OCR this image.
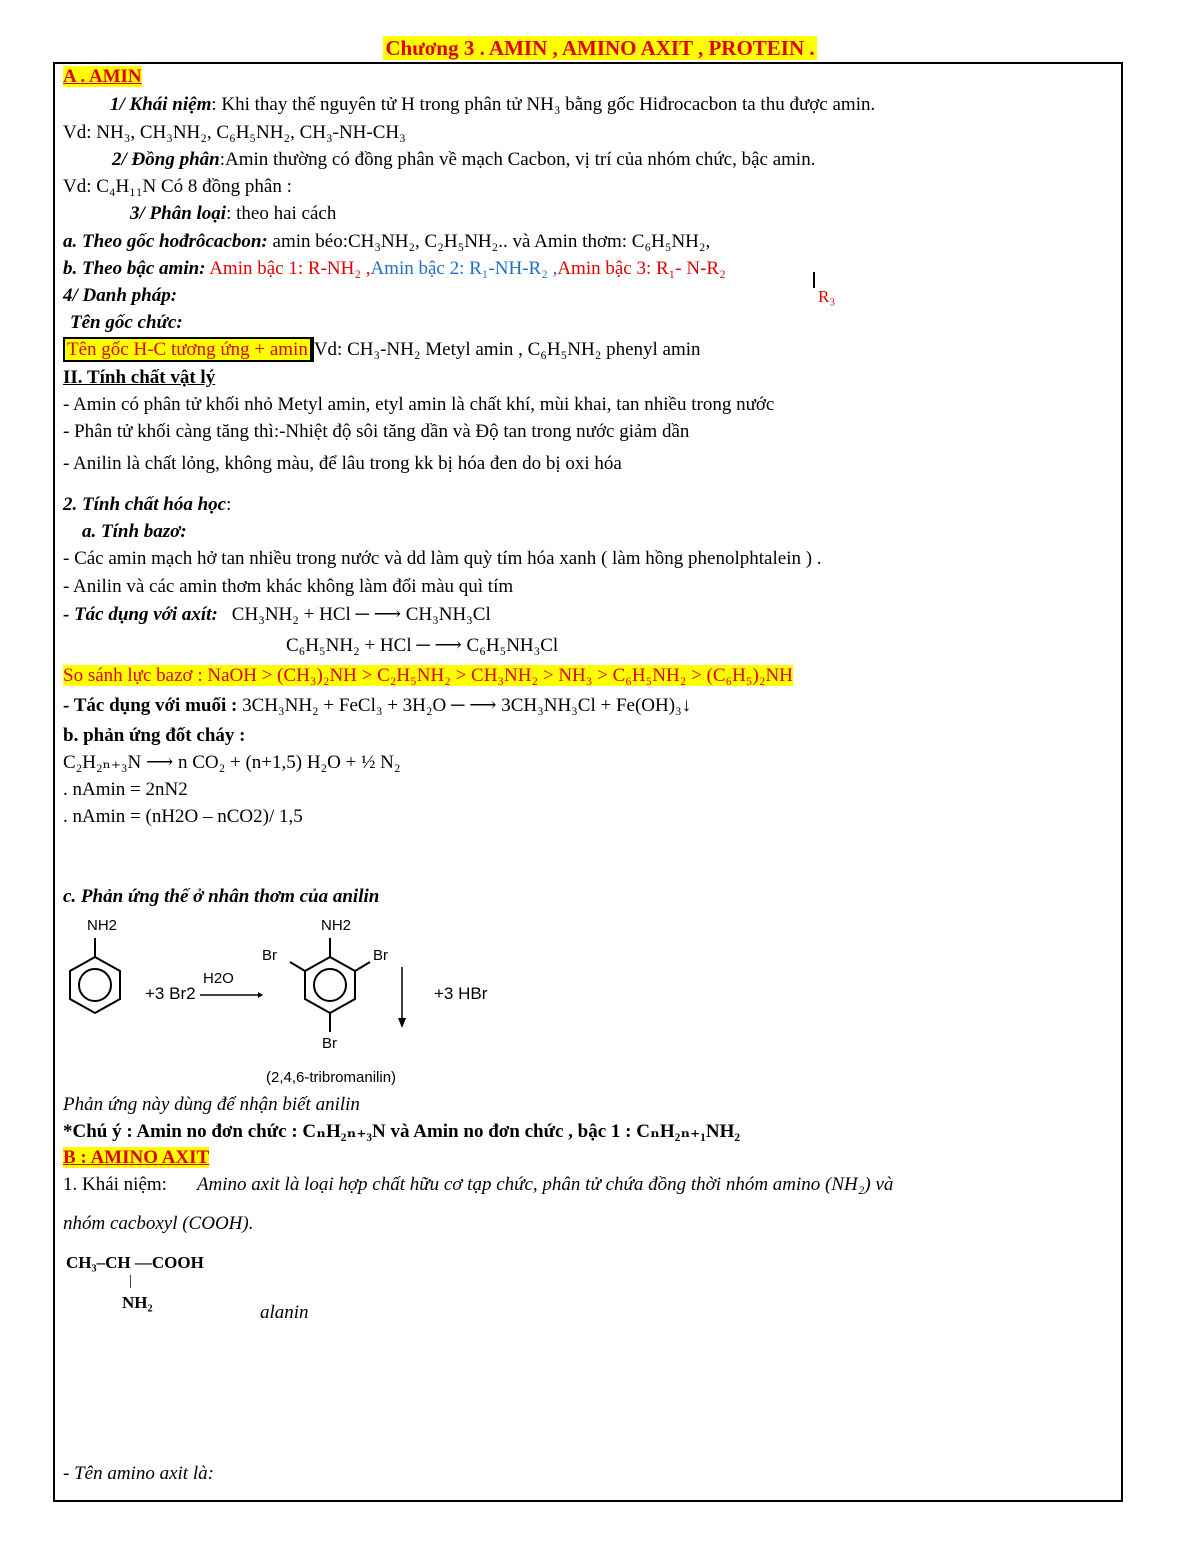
Chương 3 . AMIN , AMINO AXIT , PROTEIN .
A . AMIN
1/ Khái niệm: Khi thay thế nguyên tử H trong phân tử NH₃ bằng gốc Hiđrocacbon ta thu được amin.
Vd: NH₃, CH₃NH₂, C₆H₅NH₂, CH₃-NH-CH₃
2/ Đồng phân:Amin thường có đồng phân về mạch Cacbon, vị trí của nhóm chức, bậc amin.
Vd: C₄H₁₁N Có 8 đồng phân :
3/ Phân loại: theo hai cách
a. Theo gốc hođrôcacbon: amin béo:CH₃NH₂, C₂H₅NH₂.. và Amin thơm: C₆H₅NH₂,
b. Theo bậc amin: Amin bậc 1: R-NH₂ ,Amin bậc 2: R₁-NH-R₂ ,Amin bậc 3: R₁- N-R₂
R₃
4/ Danh pháp:
Tên gốc chức:
Tên gốc H-C tương ứng + amin Vd: CH₃-NH₂ Metyl amin , C₆H₅NH₂ phenyl amin
II. Tính chất vật lý
- Amin có phân tử khối nhỏ Metyl amin, etyl amin là chất khí, mùi khai, tan nhiều trong nước
- Phân tử khối càng tăng thì:-Nhiệt độ sôi tăng dần và Độ tan trong nước giảm dần
- Anilin là chất lỏng, không màu, để lâu trong kk bị hóa đen do bị oxi hóa
2. Tính chất hóa học:
a. Tính bazơ:
- Các amin mạch hở tan nhiều trong nước và dd làm quỳ tím hóa xanh ( làm hồng phenolphtalein ) .
- Anilin và các amin thơm khác không làm đổi màu quì tím
- Tác dụng với axít: CH₃NH₂ + HCl ─ ⟶ CH₃NH₃Cl
C₆H₅NH₂ + HCl ─ ⟶ C₆H₅NH₃Cl
So sánh lực bazơ : NaOH > (CH₃)₂NH > C₂H₅NH₂ > CH₃NH₂ > NH₃ > C₆H₅NH₂ > (C₆H₅)₂NH
- Tác dụng với muối : 3CH₃NH₂ + FeCl₃ + 3H₂O ─ ⟶ 3CH₃NH₃Cl + Fe(OH)₃↓
b. phản ứng đốt cháy :
C₂H₂ₙ₊₃N ⟶ n CO₂ + (n+1,5) H₂O + ½ N₂
. nAmin = 2nN2
. nAmin = (nH2O – nCO2)/ 1,5
c. Phản ứng thế ở nhân thơm của anilin
NH2
+3 Br2
H2O
NH2
Br	Br
Br
+3 HBr
(2,4,6-tribromanilin)
Phản ứng này dùng để nhận biết anilin
*Chú ý : Amin no đơn chức : CₙH₂ₙ₊₃N và Amin no đơn chức , bậc 1 : CₙH₂ₙ₊₁NH₂
B : AMINO AXIT
1. Khái niệm: Amino axit là loại hợp chất hữu cơ tạp chức, phân tử chứa đồng thời nhóm amino (NH₂) và
nhóm cacboxyl (COOH).
CH₃–CH —COOH
|
NH₂	alanin
- Tên amino axit là:
